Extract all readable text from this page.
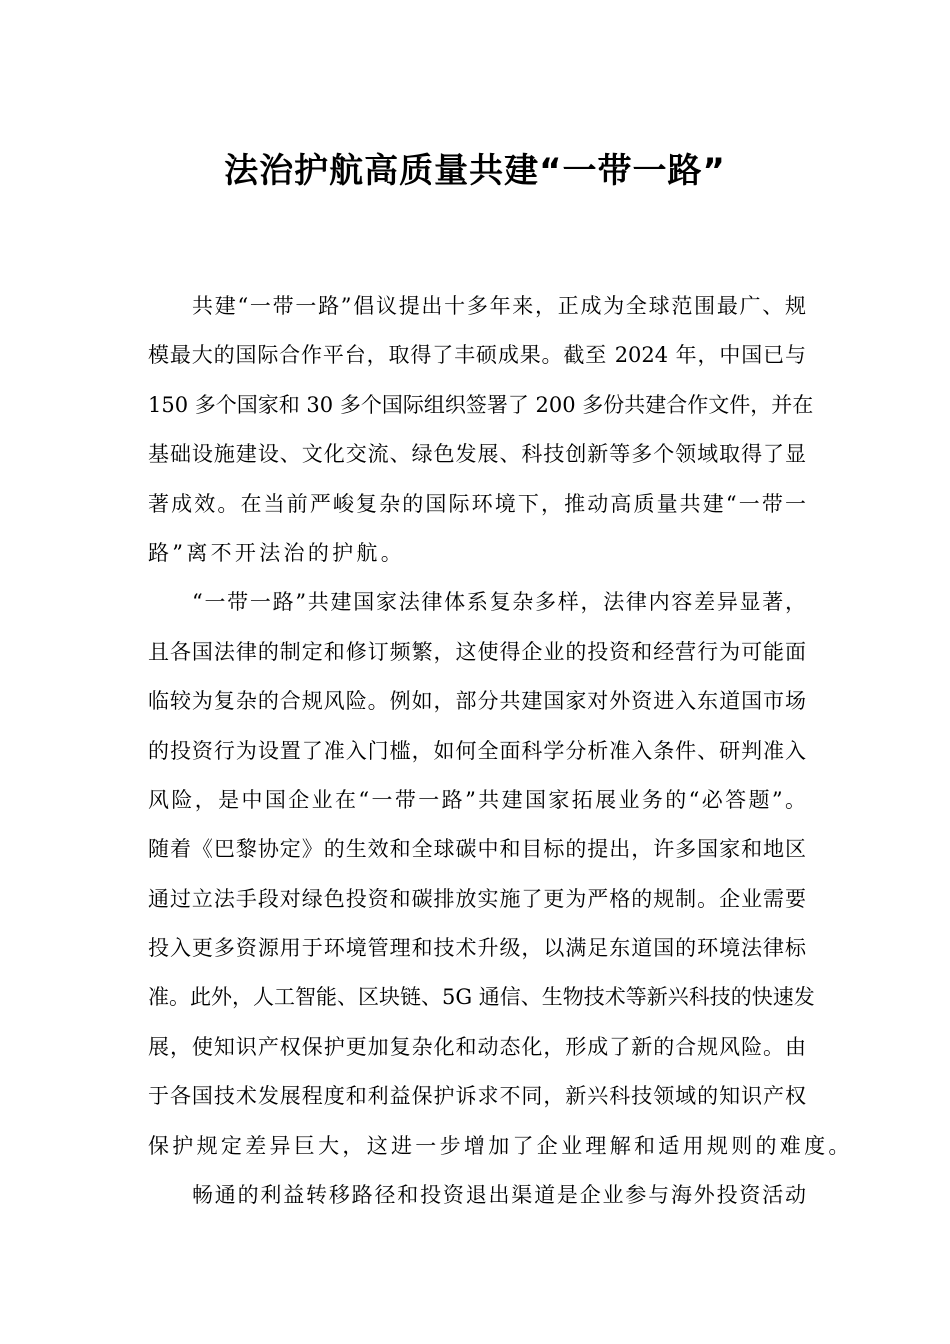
法治护航高质量共建“一带一路”
共建“一带一路”倡议提出十多年来，正成为全球范围最广、规
模最大的国际合作平台，取得了丰硕成果。截至 2024 年，中国已与
150 多个国家和 30 多个国际组织签署了 200 多份共建合作文件，并在
基础设施建设、文化交流、绿色发展、科技创新等多个领域取得了显
著成效。在当前严峻复杂的国际环境下，推动高质量共建“一带一
路”离不开法治的护航。
“一带一路”共建国家法律体系复杂多样，法律内容差异显著，
且各国法律的制定和修订频繁，这使得企业的投资和经营行为可能面
临较为复杂的合规风险。例如，部分共建国家对外资进入东道国市场
的投资行为设置了准入门槛，如何全面科学分析准入条件、研判准入
风险，是中国企业在“一带一路”共建国家拓展业务的“必答题”。
随着《巴黎协定》的生效和全球碳中和目标的提出，许多国家和地区
通过立法手段对绿色投资和碳排放实施了更为严格的规制。企业需要
投入更多资源用于环境管理和技术升级，以满足东道国的环境法律标
准。此外，人工智能、区块链、5G 通信、生物技术等新兴科技的快速发
展，使知识产权保护更加复杂化和动态化，形成了新的合规风险。由
于各国技术发展程度和利益保护诉求不同，新兴科技领域的知识产权
保护规定差异巨大，这进一步增加了企业理解和适用规则的难度。
畅通的利益转移路径和投资退出渠道是企业参与海外投资活动
